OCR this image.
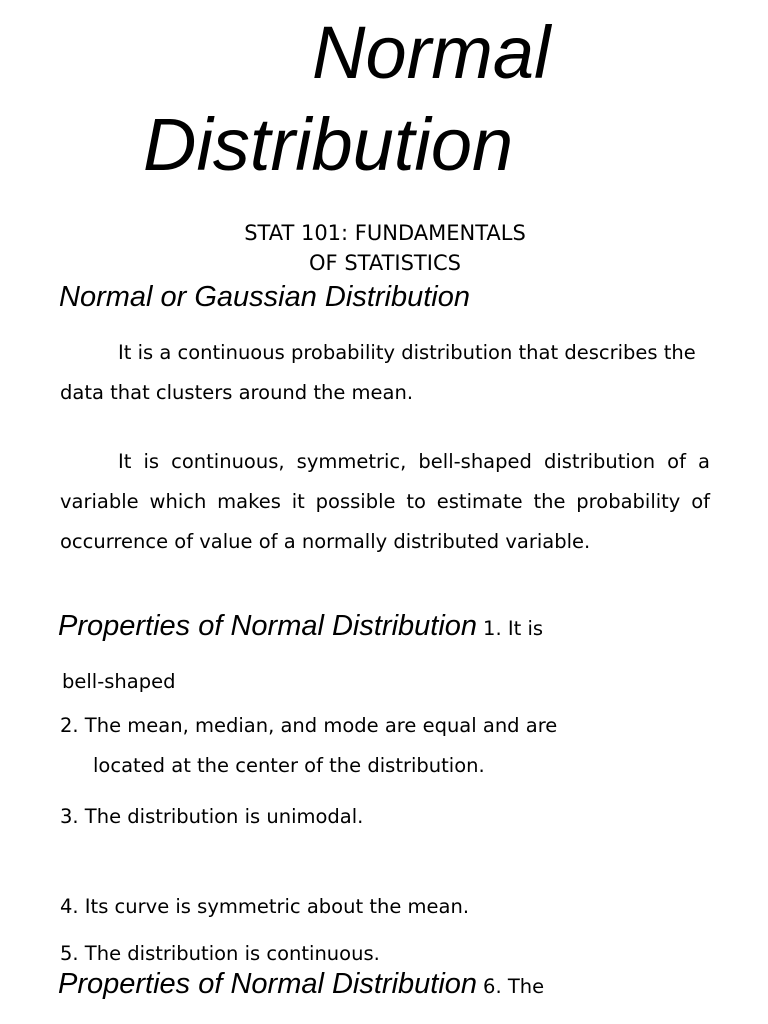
Normal
Distribution
STAT 101: FUNDAMENTALS
OF STATISTICS
Normal or Gaussian Distribution

It is a continuous probability distribution that describes the data that clusters around the mean.

It is continuous, symmetric, bell-shaped distribution of a variable which makes it possible to estimate the probability of occurrence of value of a normally distributed variable.

Properties of Normal Distribution 1. It is
bell-shaped
2. The mean, median, and mode are equal and are
located at the center of the distribution.
3. The distribution is unimodal.
4. Its curve is symmetric about the mean.
5. The distribution is continuous.
Properties of Normal Distribution 6. The
